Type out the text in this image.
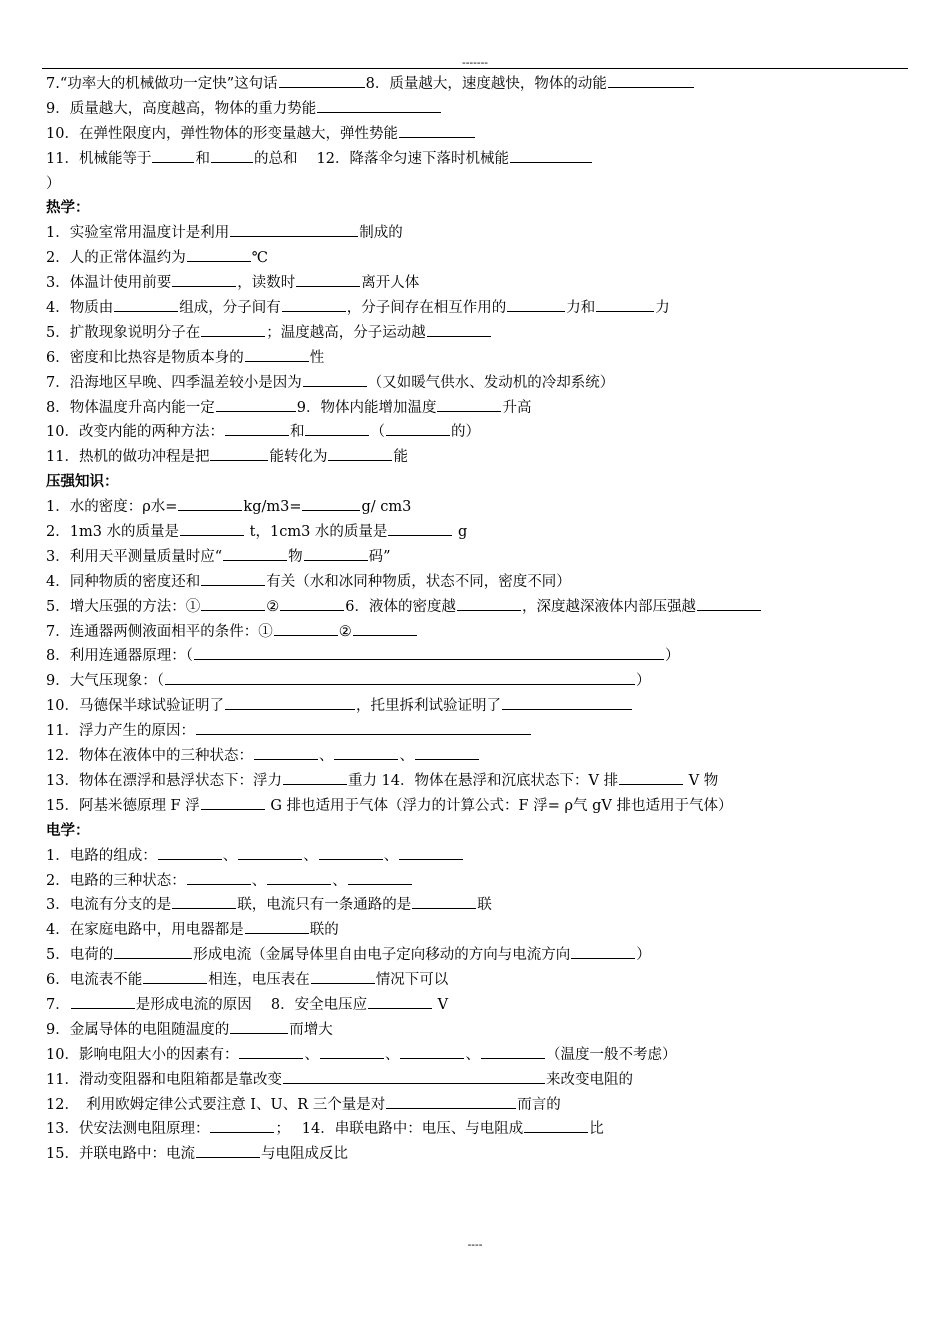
-------
7.“功率大的机械做功一定快”这句话	8．质量越大，速度越快，物体的动能
9．质量越大，高度越高，物体的重力势能
10．在弹性限度内，弹性物体的形变量越大，弹性势能
11．机械能等于	和	的总和　 12．降落伞匀速下落时机械能
）
热学：
1．实验室常用温度计是利用	制成的
2．人的正常体温约为	℃
3．体温计使用前要	，读数时	离开人体
4．物质由	组成，分子间有	，分子间存在相互作用的	力和	力
5．扩散现象说明分子在	；温度越高，分子运动越
6．密度和比热容是物质本身的	性
7．沿海地区早晚、四季温差较小是因为	（又如暖气供水、发动机的冷却系统）
8．物体温度升高内能一定	9．物体内能增加温度	升高
10．改变内能的两种方法：	和	（	的）
11．热机的做功冲程是把	能转化为	能
压强知识：
1．水的密度：ρ水=	kg/m3=	g/ cm3
2．1m3 水的质量是	t，1cm3 水的质量是	g
3．利用天平测量质量时应“	物	码”
4．同种物质的密度还和	有关（水和冰同种物质，状态不同，密度不同）
5．增大压强的方法：①	②	6．液体的密度越	，深度越深液体内部压强越
7．连通器两侧液面相平的条件：①	②
8．利用连通器原理：（	）
9．大气压现象：（	）
10．马德保半球试验证明了	，托里拆利试验证明了
11．浮力产生的原因：
12．物体在液体中的三种状态：	、	、
13．物体在漂浮和悬浮状态下：浮力	重力 14．物体在悬浮和沉底状态下：V 排	V 物
15．阿基米德原理 F 浮	G 排也适用于气体（浮力的计算公式：F 浮= ρ气 gV 排也适用于气体）
电学：
1．电路的组成：	、	、	、
2．电路的三种状态：	、	、
3．电流有分支的是	联，电流只有一条通路的是	联
4．在家庭电路中，用电器都是	联的
5．电荷的	形成电流（金属导体里自由电子定向移动的方向与电流方向	）
6．电流表不能	相连，电压表在	情况下可以
7．	是形成电流的原因　 8．安全电压应	V
9．金属导体的电阻随温度的	而增大
10．影响电阻大小的因素有：	、	、	、	（温度一般不考虑）
11．滑动变阻器和电阻箱都是靠改变	来改变电阻的
12．　利用欧姆定律公式要注意 I、U、R 三个量是对	而言的
13．伏安法测电阻原理：	；　 14．串联电路中：电压、与电阻成	比
15．并联电路中：电流	与电阻成反比
----
